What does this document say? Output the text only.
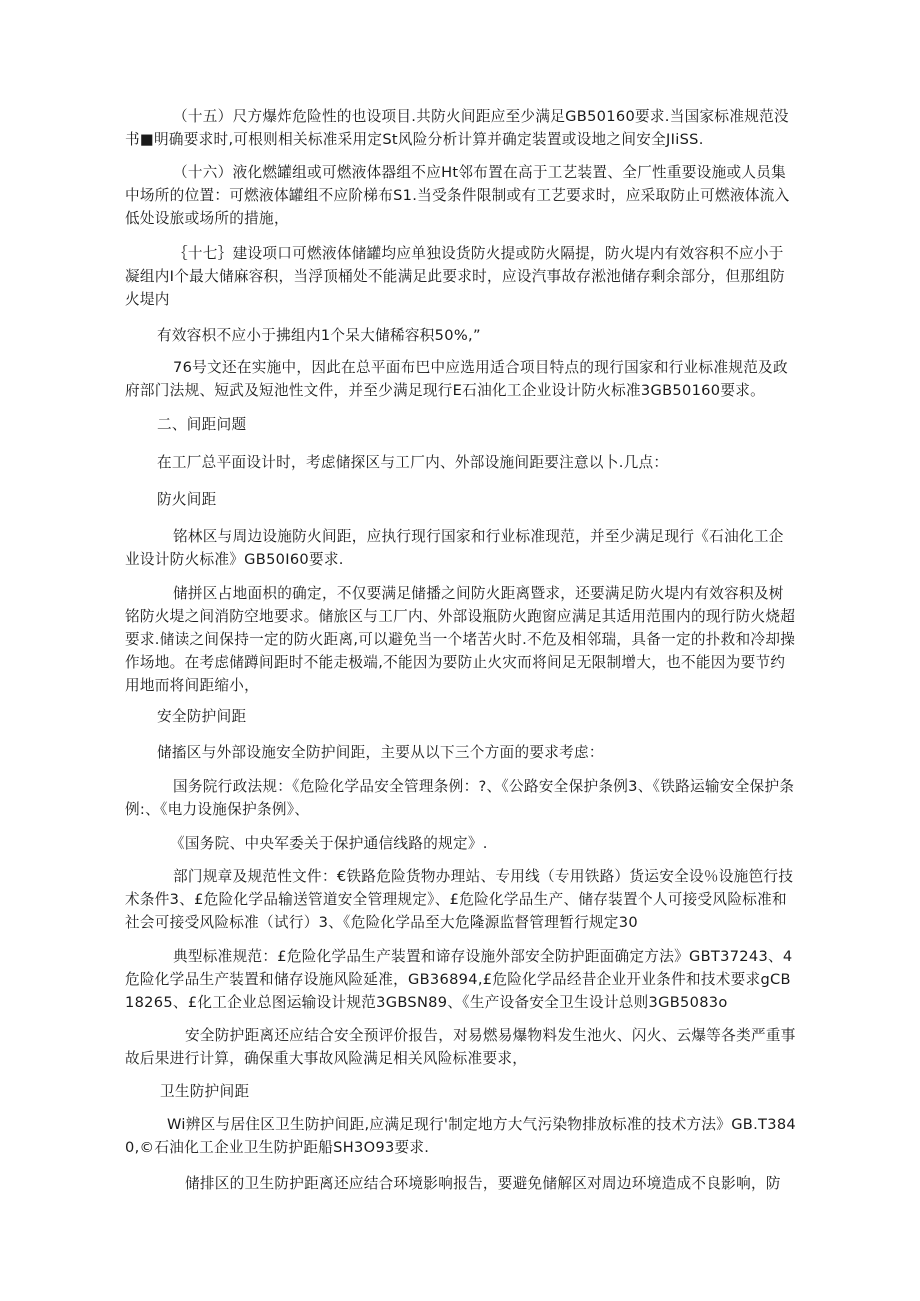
（十五）尺方爆炸危险性的也设项目.共防火间距应至少满足GB50160要求.当国家标准规范没书■明确要求时,可根则相关标准采用定St风险分析计算并确定装置或设地之间安全JIiSS.

（十六）液化燃罐组或可燃液体器组不应Ht邻布置在高于工艺装置、全厂性重要设施或人员集中场所的位置：可燃液体罐组不应阶梯布S1.当受条件限制或有工艺要求时，应采取防止可燃液体流入低处设旅或场所的措施，

｛十七｝建设项口可燃液体储罐均应单独设货防火提或防火隔提，防火堤内有效容积不应小于凝组内I个最大储麻容积，当浮顶桶处不能满足此要求时，应设汽事故存淞池储存剩余部分，但那组防火堤内

有效容枳不应小于拂组内1个呆大储稀容积50%,”

76号文还在实施中，因此在总平面布巴中应选用适合项目特点的现行国家和行业标准规范及政府部门法规、短武及短池性文件，并至少满足现行E石油化工企业设计防火标准3GB50160要求。

二、间距问题

在工厂总平面设计时，考虑储探区与工厂内、外部设施间距要注意以卜.几点：

防火间距

铭林区与周边设施防火间距，应执行现行国家和行业标准现范，并至少满足现行《石油化工企业设计防火标准》GB50I60要求.

储拼区占地面枳的确定，不仅要满足储播之间防火距离暨求，还要满足防火堤内有效容积及树铭防火堤之间消防空地要求。储旅区与工厂内、外部设瓶防火跑窗应满足其适用范围内的现行防火烧超要求.储读之间保持一定的防火距离,可以避免当一个堵苦火时.不危及相邻瑞，具备一定的扑救和冷却操作场地。在考虑储蹲间距时不能走极端,不能因为要防止火灾而将间足无限制增大，也不能因为要节约用地而将间距缩小，

安全防护间距

储搐区与外部设施安全防护间距，主要从以下三个方面的要求考虑：

国务院行政法规：《危险化学品安全管理条例：?、《公路安全保护条例3、《铁路运输安全保护条例:、《电力设施保护条例》、

《国务院、中央军委关于保护通信线路的规定》.

部门规章及规范性文件：€铁路危险货物办理站、专用线（专用铁路）货运安全设％设施笆行技术条件3、£危险化学品输送管道安全管理规定》、£危险化学品生产、储存装置个人可接受风险标准和社会可接受风险标准（试行）3、《危险化学品至大危隆源监督管理暂行规定30

典型标准规范：£危险化学品生产装置和谛存设施外部安全防护距面确定方法》GBT37243、4危险化学品生产装置和储存设施风险延准，GB36894,£危险化学品经昔企业开业条件和技术要求gCB18265、£化工企业总图运输设计规范3GBSN89、《生产设备安全卫生设计总则3GB5083o

安全防护距离还应结合安全预评价报告，对易燃易爆物料发生池火、闪火、云爆等各类严重事故后果进行计算，确保重大事故风险满足相关风险标准要求，

卫生防护间距

Wi辨区与居住区卫生防护间距,应满足现行'制定地方大气污染物排放标准的技术方法》GB.T3840,©石油化工企业卫生防护距船SH3O93要求.

储排区的卫生防护距离还应结合环境影响报告，要避免储解区对周边环境造成不良影响，防
